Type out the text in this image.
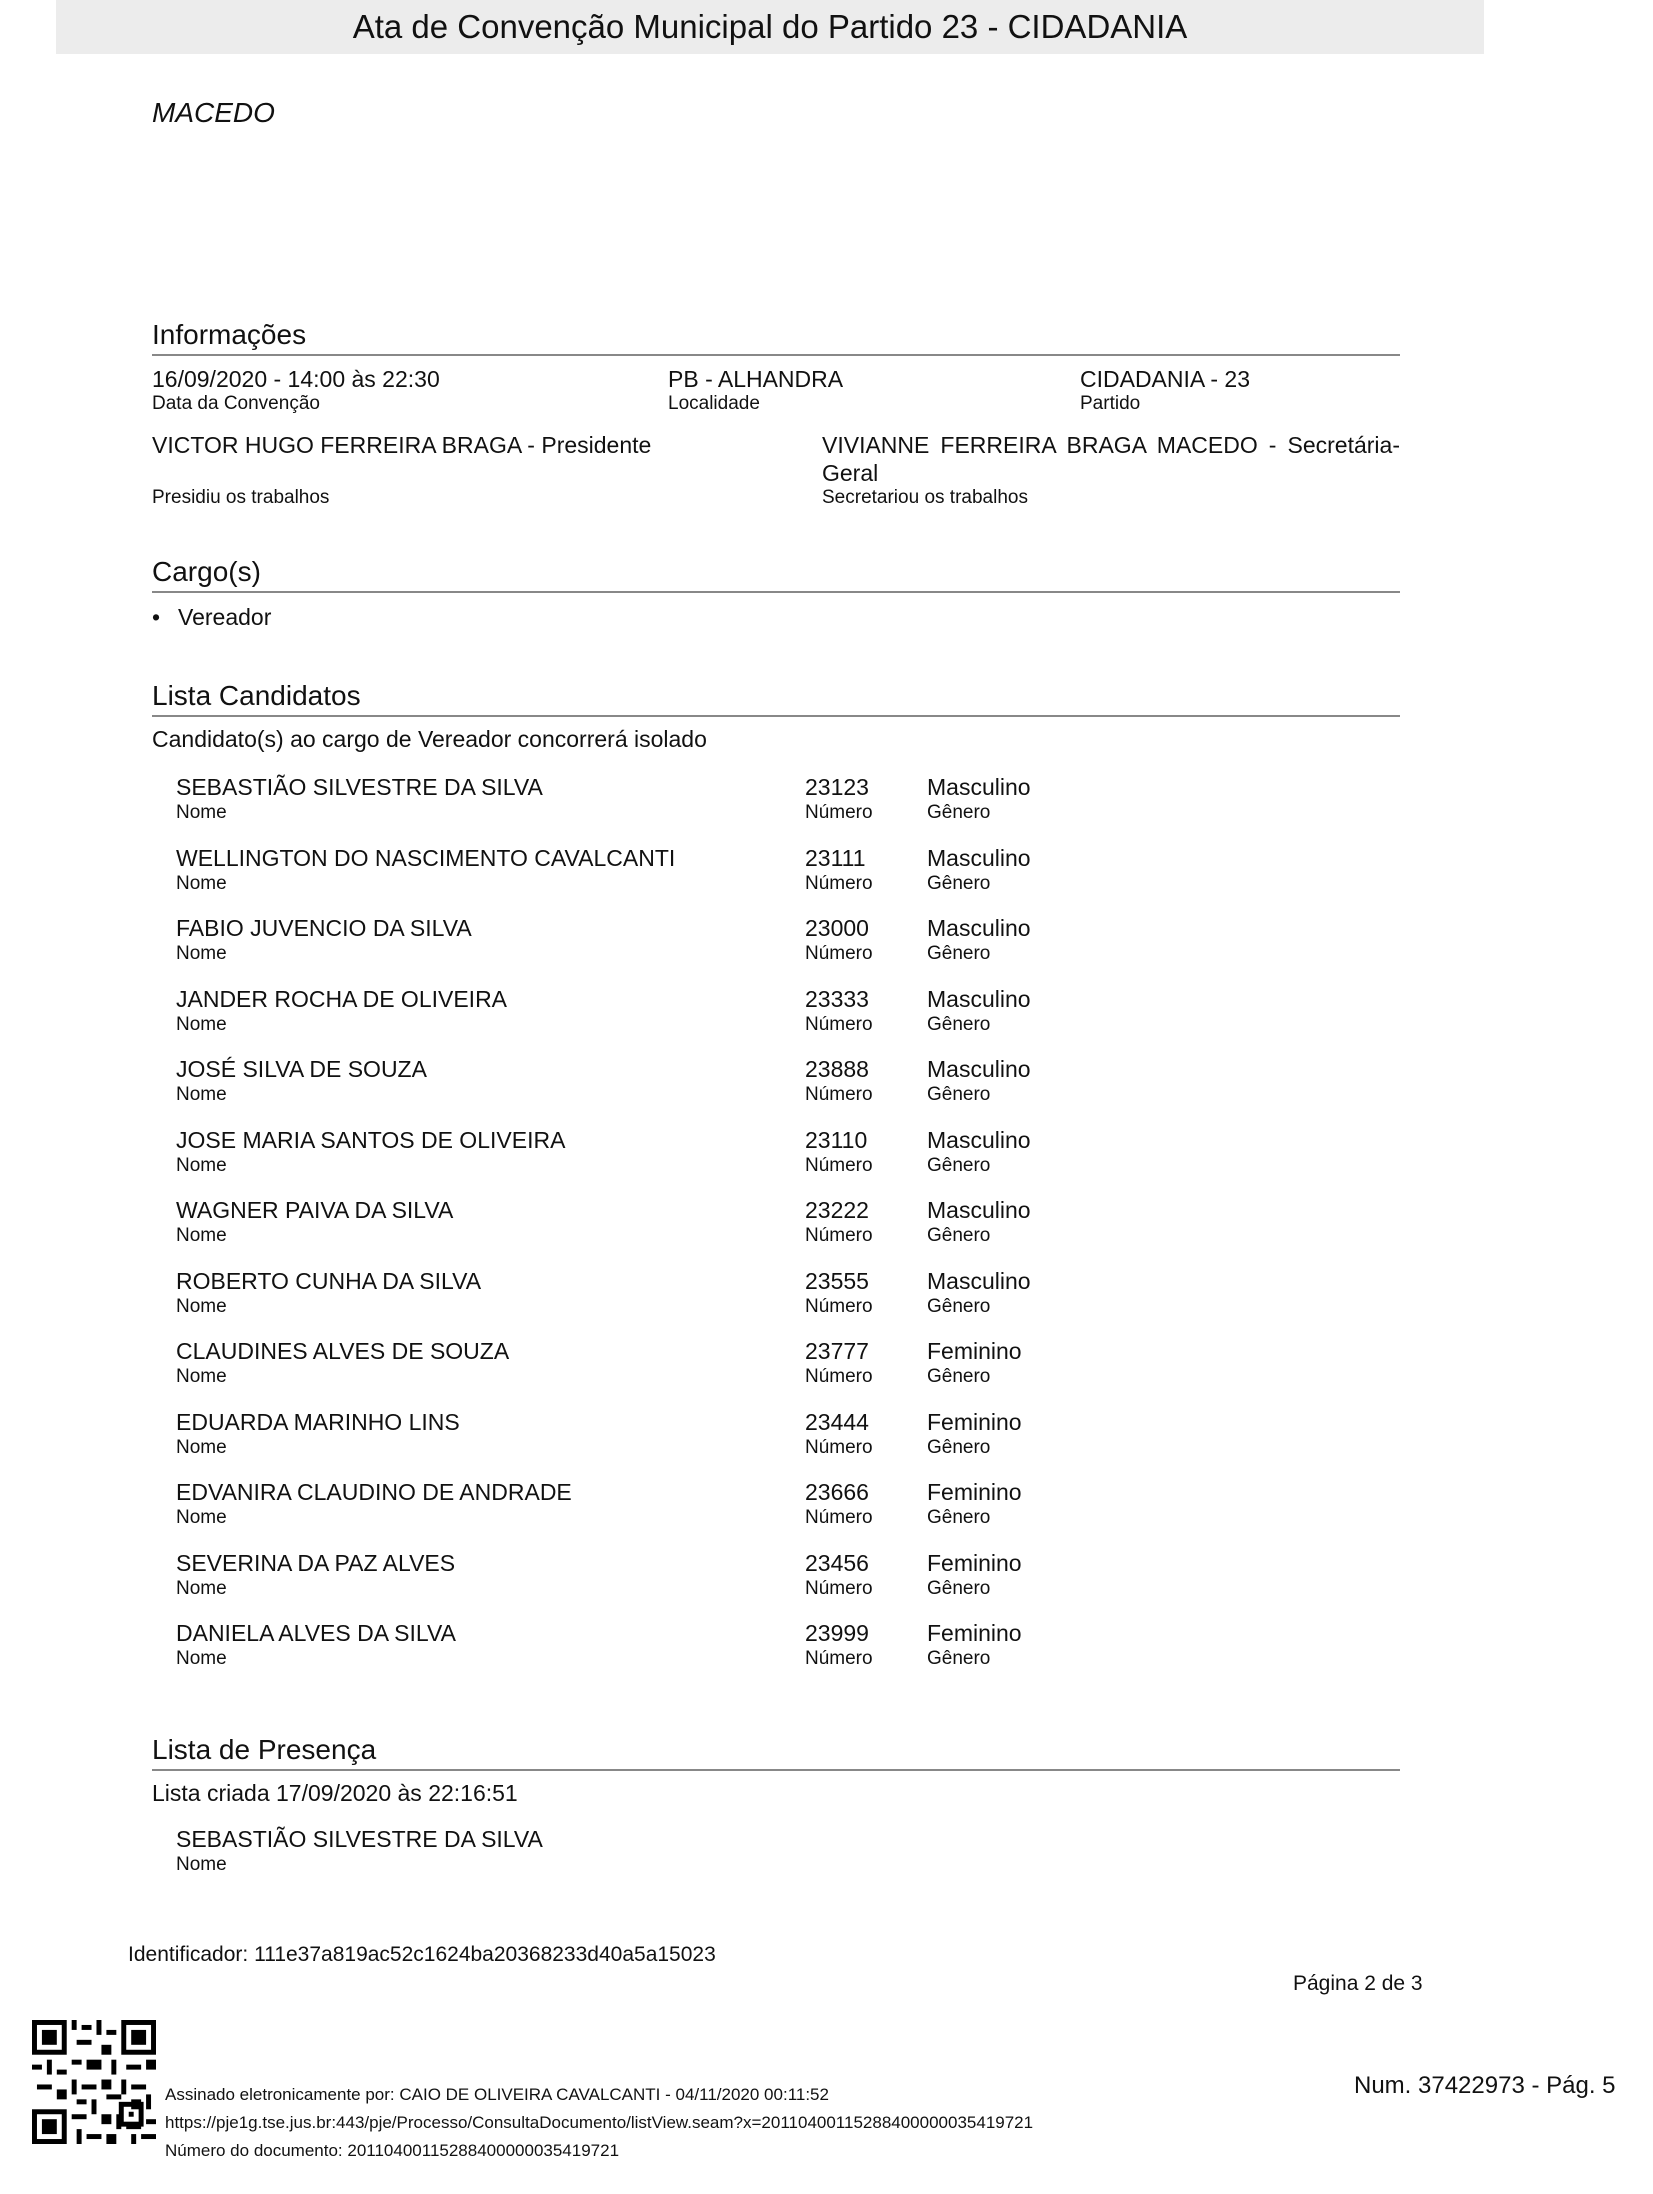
Ata de Convenção Municipal do Partido 23 - CIDADANIA
MACEDO
Informações
16/09/2020 - 14:00 às 22:30
Data da Convenção
PB - ALHANDRA
Localidade
CIDADANIA - 23
Partido
VICTOR HUGO FERREIRA BRAGA - Presidente
Presidiu os trabalhos
VIVIANNE FERREIRA BRAGA MACEDO - Secretária-Geral
Secretariou os trabalhos
Cargo(s)
• Vereador
Lista Candidatos
Candidato(s) ao cargo de Vereador concorrerá isolado
SEBASTIÃO SILVESTRE DA SILVA
Nome
23123
Número
Masculino
Gênero
WELLINGTON DO NASCIMENTO CAVALCANTI
Nome
23111
Número
Masculino
Gênero
FABIO JUVENCIO DA SILVA
Nome
23000
Número
Masculino
Gênero
JANDER ROCHA DE OLIVEIRA
Nome
23333
Número
Masculino
Gênero
JOSÉ SILVA DE SOUZA
Nome
23888
Número
Masculino
Gênero
JOSE MARIA SANTOS DE OLIVEIRA
Nome
23110
Número
Masculino
Gênero
WAGNER PAIVA DA SILVA
Nome
23222
Número
Masculino
Gênero
ROBERTO CUNHA DA SILVA
Nome
23555
Número
Masculino
Gênero
CLAUDINES ALVES DE SOUZA
Nome
23777
Número
Feminino
Gênero
EDUARDA MARINHO LINS
Nome
23444
Número
Feminino
Gênero
EDVANIRA CLAUDINO DE ANDRADE
Nome
23666
Número
Feminino
Gênero
SEVERINA DA PAZ ALVES
Nome
23456
Número
Feminino
Gênero
DANIELA ALVES DA SILVA
Nome
23999
Número
Feminino
Gênero
Lista de Presença
Lista criada 17/09/2020 às 22:16:51
SEBASTIÃO SILVESTRE DA SILVA
Nome
Identificador: 111e37a819ac52c1624ba20368233d40a5a15023
Página 2 de 3
Assinado eletronicamente por: CAIO DE OLIVEIRA CAVALCANTI - 04/11/2020 00:11:52
https://pje1g.tse.jus.br:443/pje/Processo/ConsultaDocumento/listView.seam?x=20110400115288400000035419721
Número do documento: 20110400115288400000035419721
Num. 37422973 - Pág. 5
